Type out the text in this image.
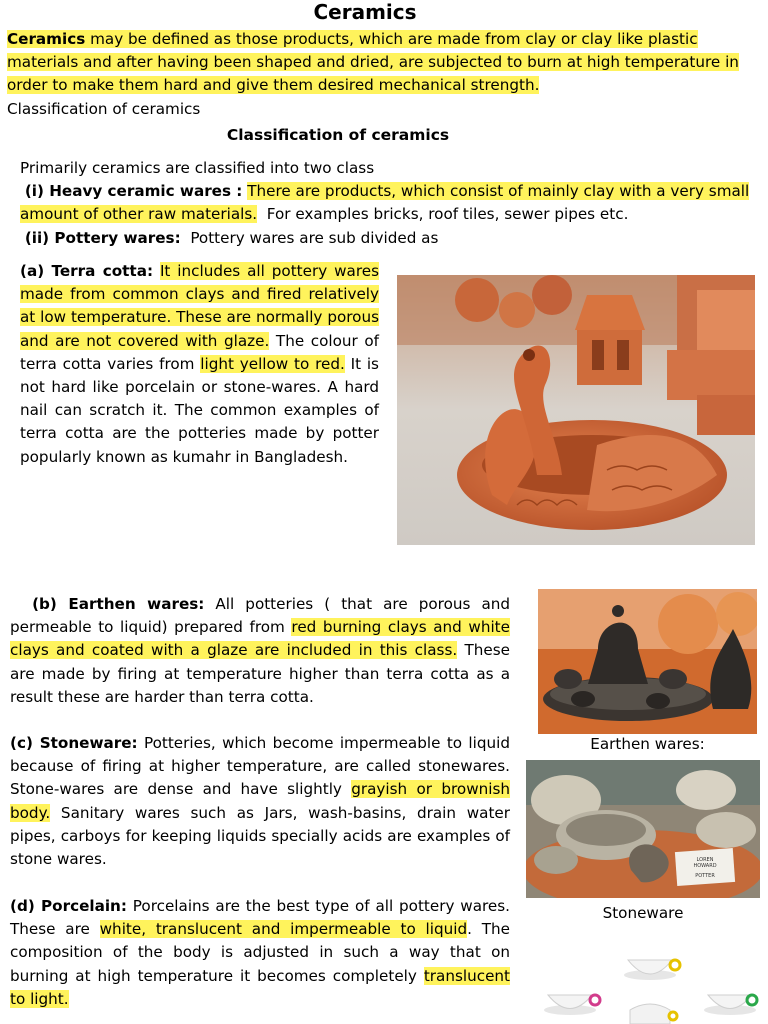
Ceramics
Ceramics may be defined as those products, which are made from clay or clay like plastic materials and after having been shaped and dried, are subjected to burn at high temperature in order to make them hard and give them desired mechanical strength.
Classification of ceramics
Classification of ceramics
Primarily ceramics are classified into two class
(i) Heavy ceramic wares : There are products, which consist of mainly clay with a very small amount of other raw materials. For examples bricks, roof tiles, sewer pipes etc.
(ii) Pottery wares: Pottery wares are sub divided as
(a) Terra cotta: It includes all pottery wares made from common clays and fired relatively at low temperature. These are normally porous and are not covered with glaze. The colour of terra cotta varies from light yellow to red. It is not hard like porcelain or stone-wares. A hard nail can scratch it. The common examples of terra cotta are the potteries made by potter popularly known as kumahr in Bangladesh.
(b) Earthen wares: All potteries ( that are porous and permeable to liquid) prepared from red burning clays and white clays and coated with a glaze are included in this class. These are made by firing at temperature higher than terra cotta as a result these are harder than terra cotta.
Earthen wares:
(c) Stoneware: Potteries, which become impermeable to liquid because of firing at higher temperature, are called stonewares. Stone-wares are dense and have slightly grayish or brownish body. Sanitary wares such as Jars, wash-basins, drain water pipes, carboys for keeping liquids specially acids are examples of stone wares.	LOREN
HOWARD
POTTER
Stoneware
(d) Porcelain: Porcelains are the best type of all pottery wares. These are white, translucent and impermeable to liquid. The composition of the body is adjusted in such a way that on burning at high temperature it becomes completely translucent to light.
